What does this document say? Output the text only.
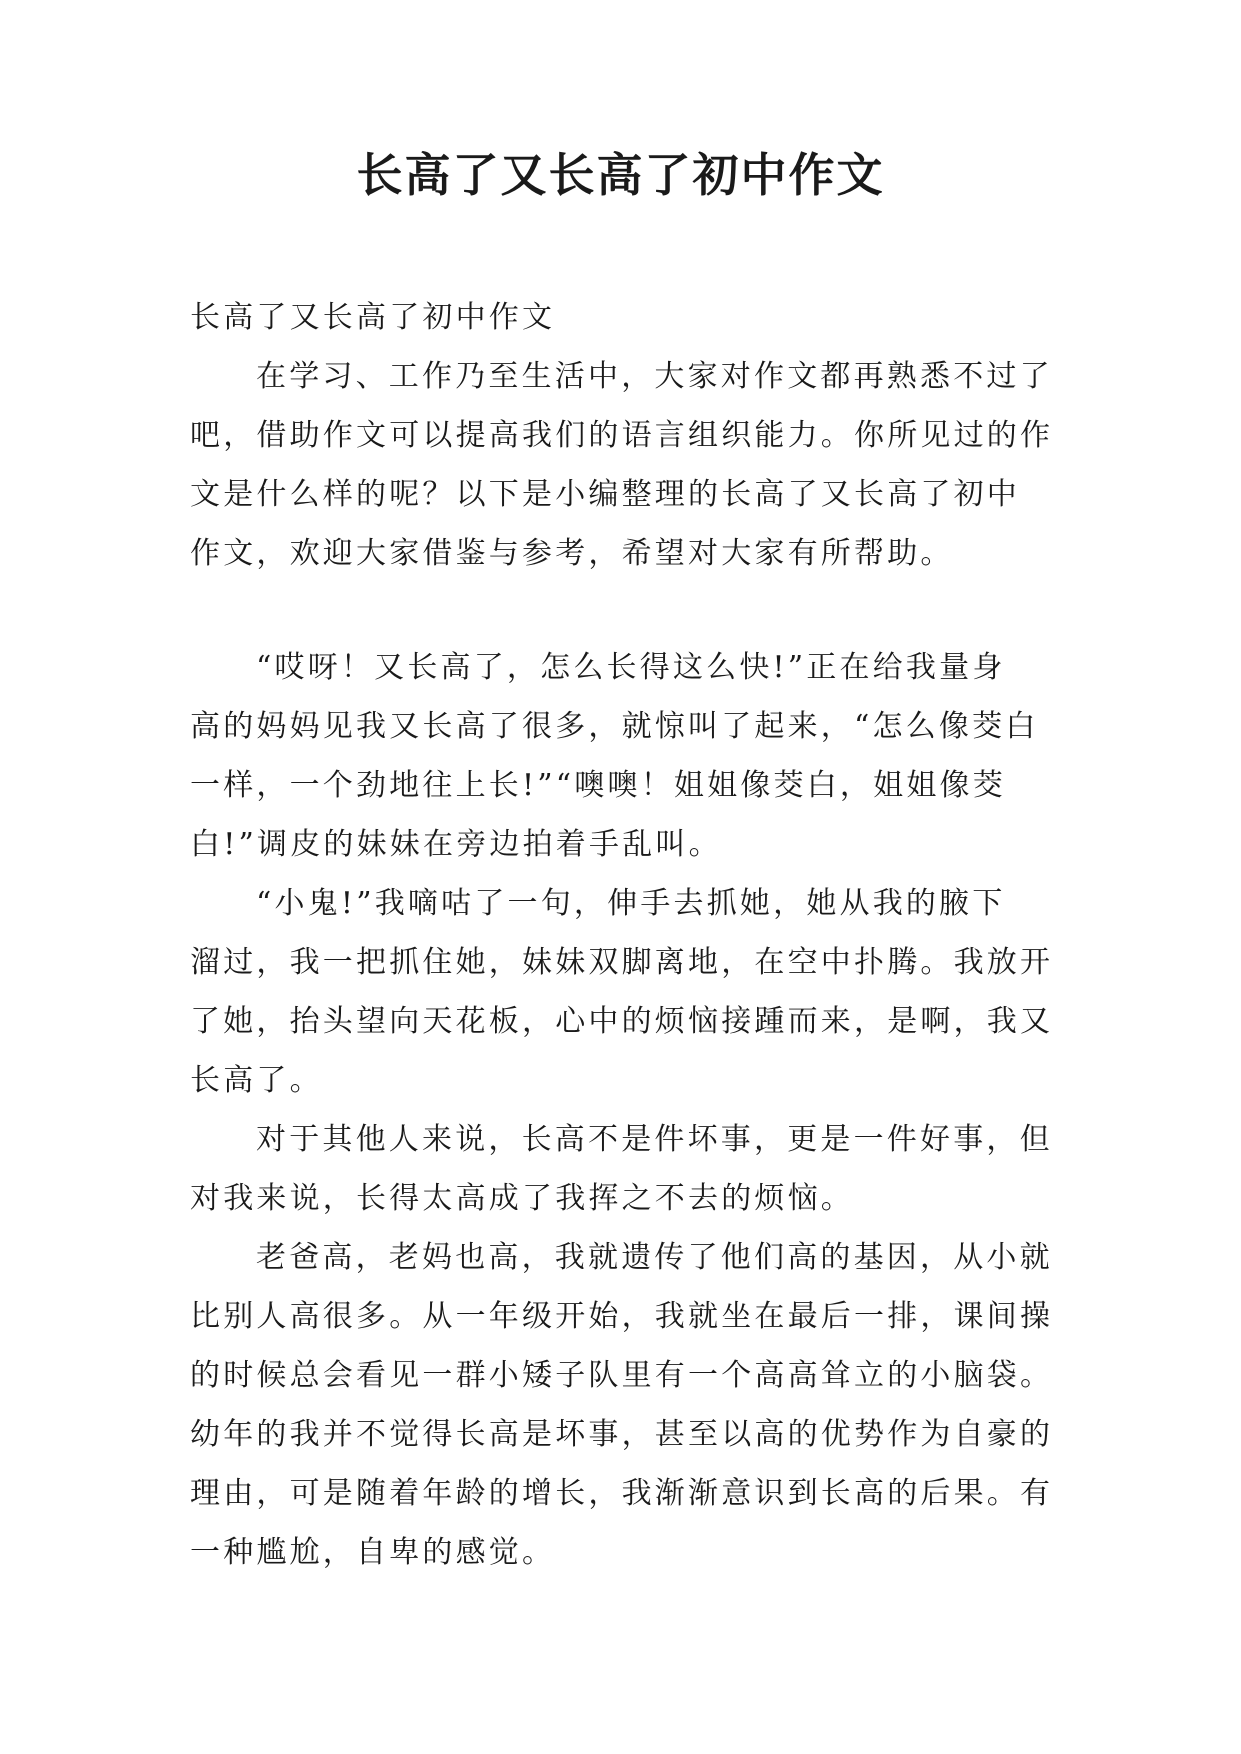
长高了又长高了初中作文
长高了又长高了初中作文
在学习、工作乃至生活中，大家对作文都再熟悉不过了
吧，借助作文可以提高我们的语言组织能力。你所见过的作
文是什么样的呢？以下是小编整理的长高了又长高了初中
作文，欢迎大家借鉴与参考，希望对大家有所帮助。
“哎呀！又长高了，怎么长得这么快!”正在给我量身
高的妈妈见我又长高了很多，就惊叫了起来，“怎么像茭白
一样，一个劲地往上长!”“噢噢！姐姐像茭白，姐姐像茭
白!”调皮的妹妹在旁边拍着手乱叫。
“小鬼!”我嘀咕了一句，伸手去抓她，她从我的腋下
溜过，我一把抓住她，妹妹双脚离地，在空中扑腾。我放开
了她，抬头望向天花板，心中的烦恼接踵而来，是啊，我又
长高了。
对于其他人来说，长高不是件坏事，更是一件好事，但
对我来说，长得太高成了我挥之不去的烦恼。
老爸高，老妈也高，我就遗传了他们高的基因，从小就
比别人高很多。从一年级开始，我就坐在最后一排，课间操
的时候总会看见一群小矮子队里有一个高高耸立的小脑袋。
幼年的我并不觉得长高是坏事，甚至以高的优势作为自豪的
理由，可是随着年龄的增长，我渐渐意识到长高的后果。有
一种尴尬，自卑的感觉。
